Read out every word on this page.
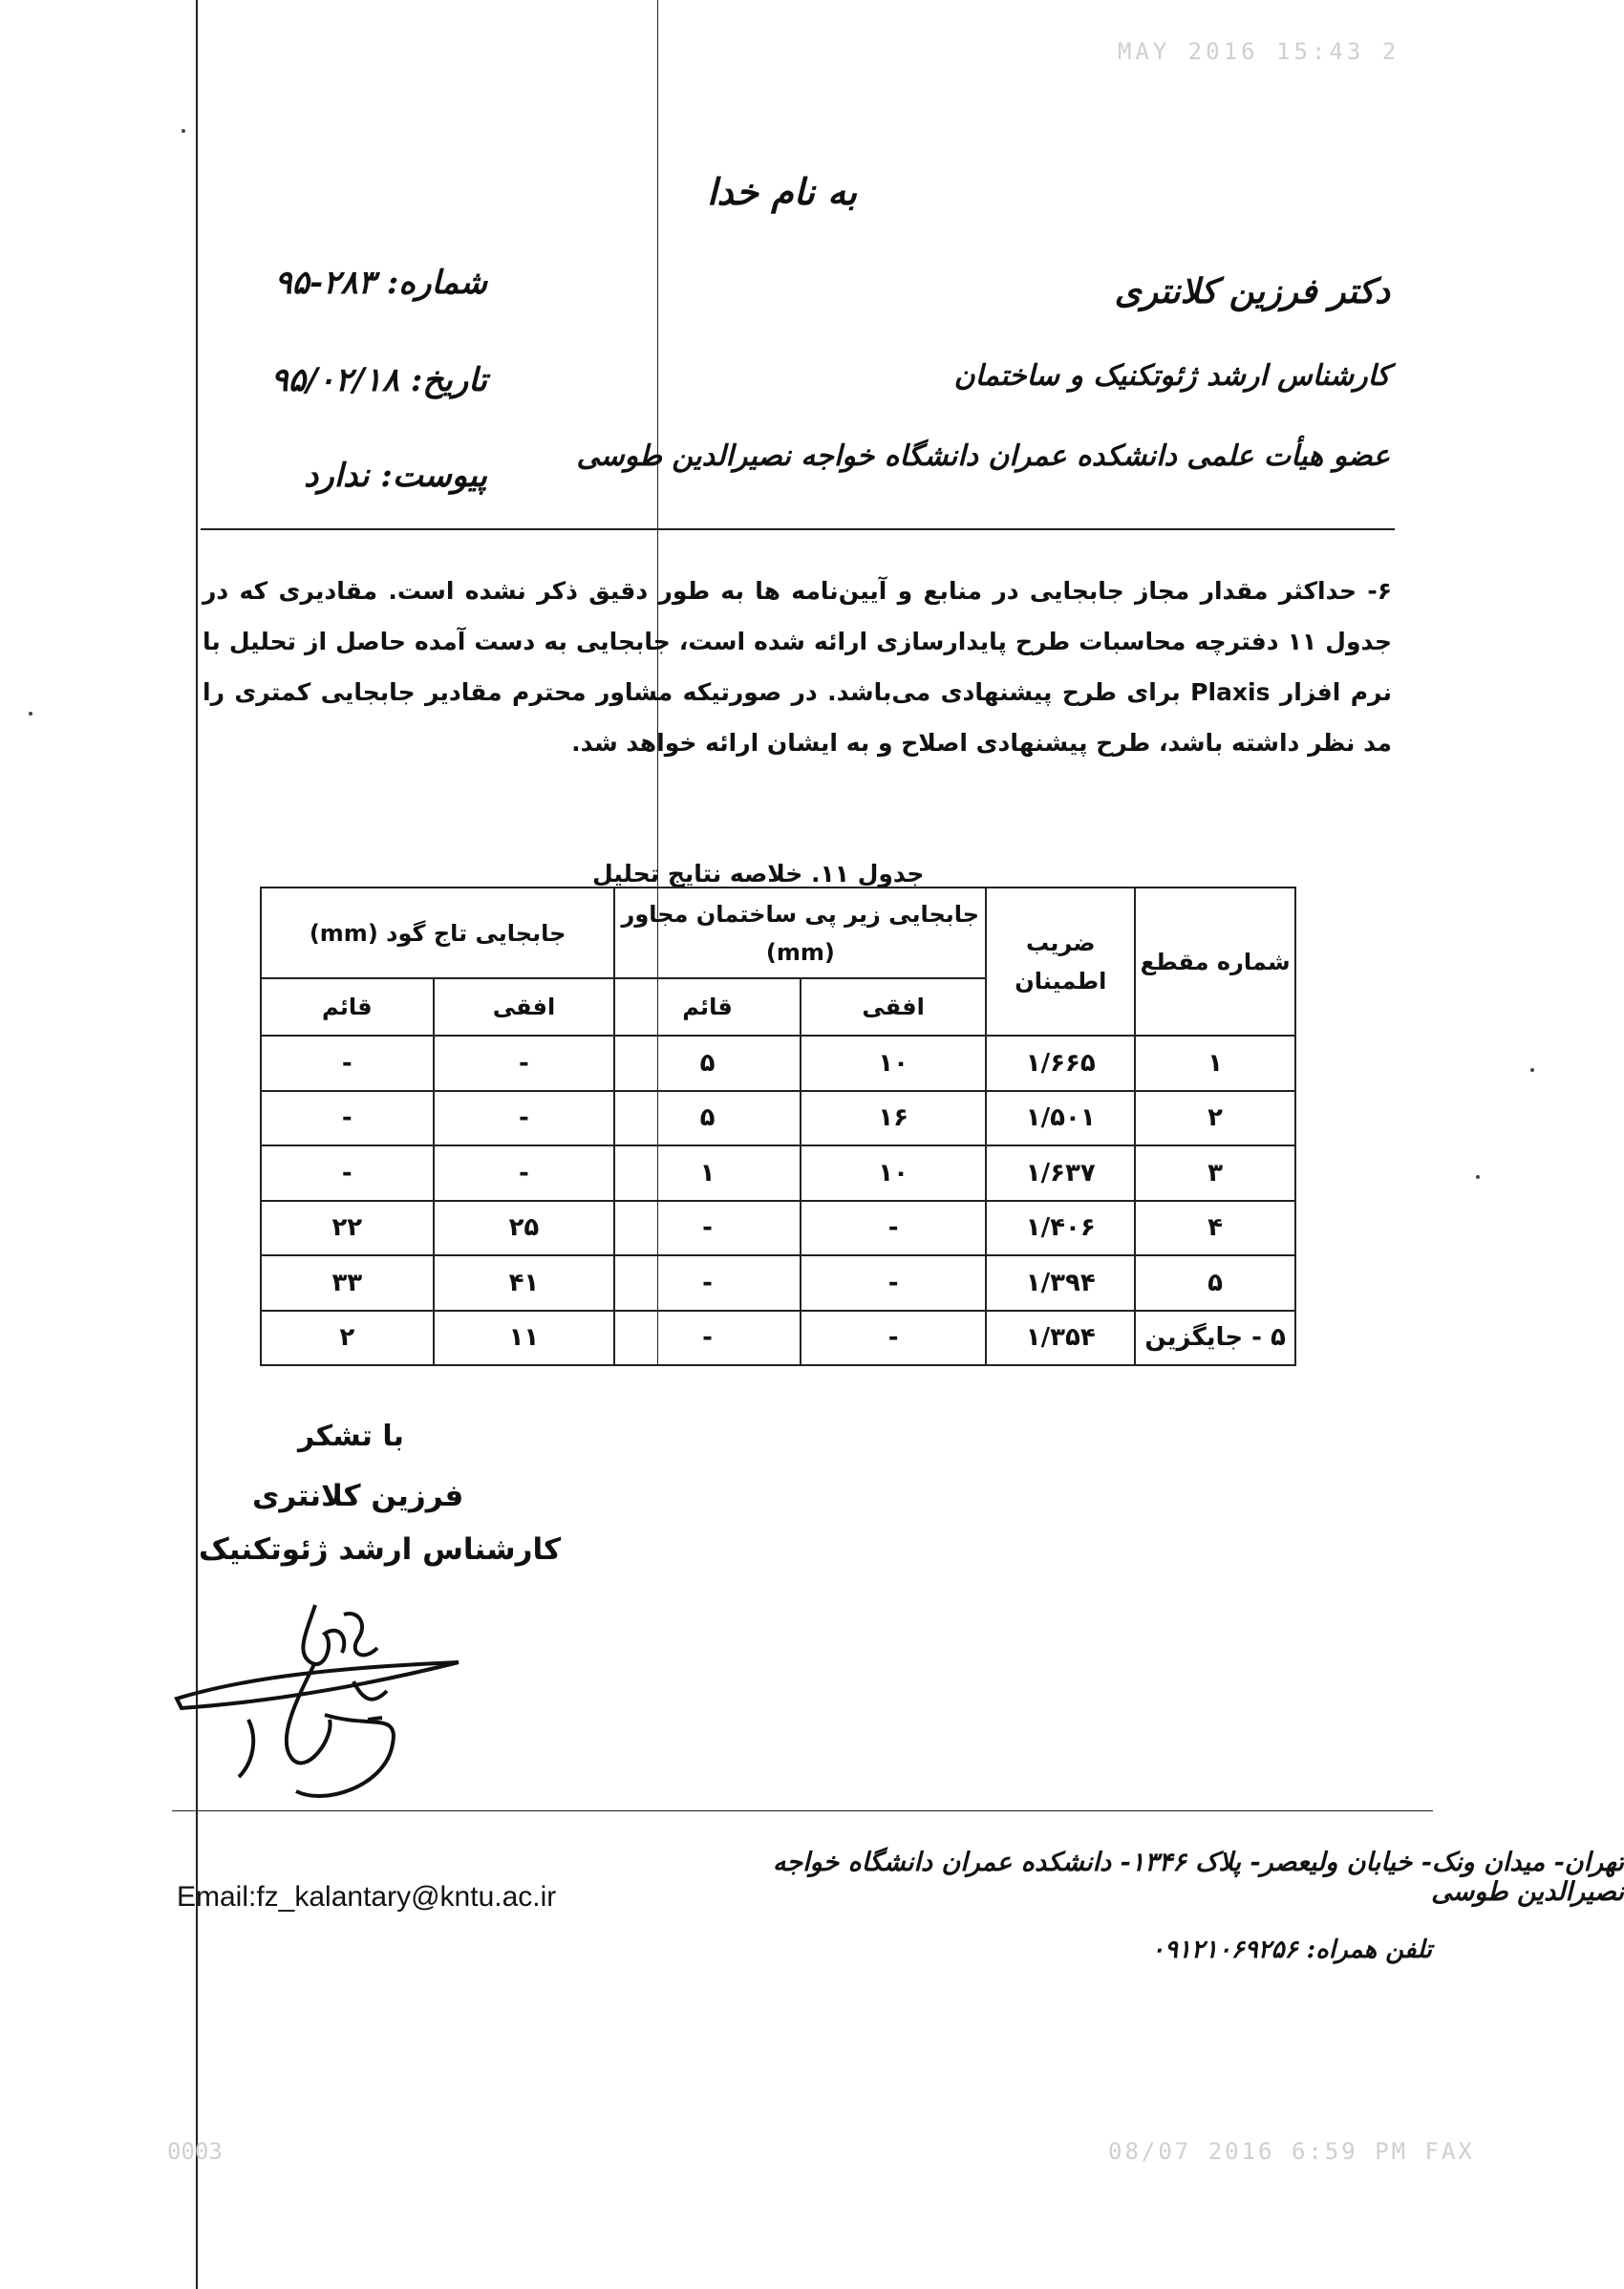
MAY 2016 15:43 2
به نام خدا
دکتر فرزین کلانتری
کارشناس ارشد ژئوتکنیک و ساختمان
عضو هیأت علمی دانشکده عمران دانشگاه خواجه نصیرالدین طوسی
شماره: ۲۸۳-۹۵
تاریخ: ۹۵/۰۲/۱۸
پیوست: ندارد
۶- حداکثر مقدار مجاز جابجایی در منابع و آیین‌نامه ها به طور دقیق ذکر نشده است. مقادیری که در جدول ۱۱ دفترچه محاسبات طرح پایدارسازی ارائه شده است، جابجایی به دست آمده حاصل از تحلیل با نرم افزار Plaxis برای طرح پیشنهادی می‌باشد. در صورتیکه مشاور محترم مقادیر جابجایی کمتری را مد نظر داشته باشد، طرح پیشنهادی اصلاح و به ایشان ارائه خواهد شد.
جدول ۱۱. خلاصه نتایج تحلیل
شماره مقطع	ضریب اطمینان	جابجایی زیر پی ساختمان مجاور (mm)		جابجایی تاج گود (mm)	
		افقی	قائم	افقی	قائم
۱	۱/۶۶۵	۱۰	۵	-	-
۲	۱/۵۰۱	۱۶	۵	-	-
۳	۱/۶۳۷	۱۰	۱	-	-
۴	۱/۴۰۶	-	-	۲۵	۲۲
۵	۱/۳۹۴	-	-	۴۱	۳۳
۵ - جایگزین	۱/۳۵۴	-	-	۱۱	۲
با تشکر
فرزین کلانتری
کارشناس ارشد ژئوتکنیک
تهران- میدان ونک- خیابان ولیعصر- پلاک ۱۳۴۶- دانشکده عمران دانشگاه خواجه نصیرالدین طوسی
تلفن همراه: ۰۹۱۲۱۰۶۹۲۵۶
Email:fz_kalantary@kntu.ac.ir
0003	08/07 2016 6:59 PM FAX
